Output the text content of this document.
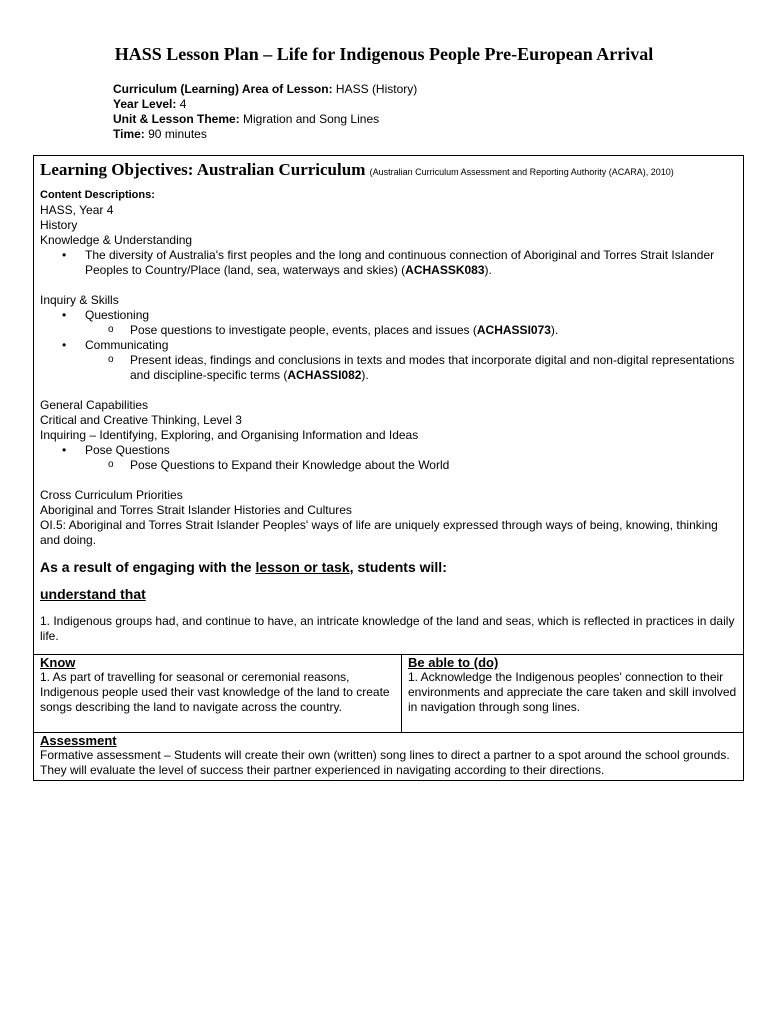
HASS Lesson Plan – Life for Indigenous People Pre-European Arrival
Curriculum (Learning) Area of Lesson: HASS (History)
Year Level: 4
Unit & Lesson Theme: Migration and Song Lines
Time: 90 minutes
Learning Objectives: Australian Curriculum (Australian Curriculum Assessment and Reporting Authority (ACARA), 2010)
Content Descriptions:
HASS, Year 4
History
Knowledge & Understanding
• The diversity of Australia's first peoples and the long and continuous connection of Aboriginal and Torres Strait Islander Peoples to Country/Place (land, sea, waterways and skies) (ACHASSK083).
Inquiry & Skills
• Questioning
o Pose questions to investigate people, events, places and issues (ACHASSI073).
• Communicating
o Present ideas, findings and conclusions in texts and modes that incorporate digital and non-digital representations and discipline-specific terms (ACHASSI082).
General Capabilities
Critical and Creative Thinking, Level 3
Inquiring – Identifying, Exploring, and Organising Information and Ideas
• Pose Questions
o Pose Questions to Expand their Knowledge about the World
Cross Curriculum Priorities
Aboriginal and Torres Strait Islander Histories and Cultures
OI.5: Aboriginal and Torres Strait Islander Peoples' ways of life are uniquely expressed through ways of being, knowing, thinking and doing.
As a result of engaging with the lesson or task, students will:
understand that
1. Indigenous groups had, and continue to have, an intricate knowledge of the land and seas, which is reflected in practices in daily life.
Know
1. As part of travelling for seasonal or ceremonial reasons, Indigenous people used their vast knowledge of the land to create songs describing the land to navigate across the country.
Be able to (do)
1. Acknowledge the Indigenous peoples' connection to their environments and appreciate the care taken and skill involved in navigation through song lines.
Assessment
Formative assessment – Students will create their own (written) song lines to direct a partner to a spot around the school grounds. They will evaluate the level of success their partner experienced in navigating according to their directions.
